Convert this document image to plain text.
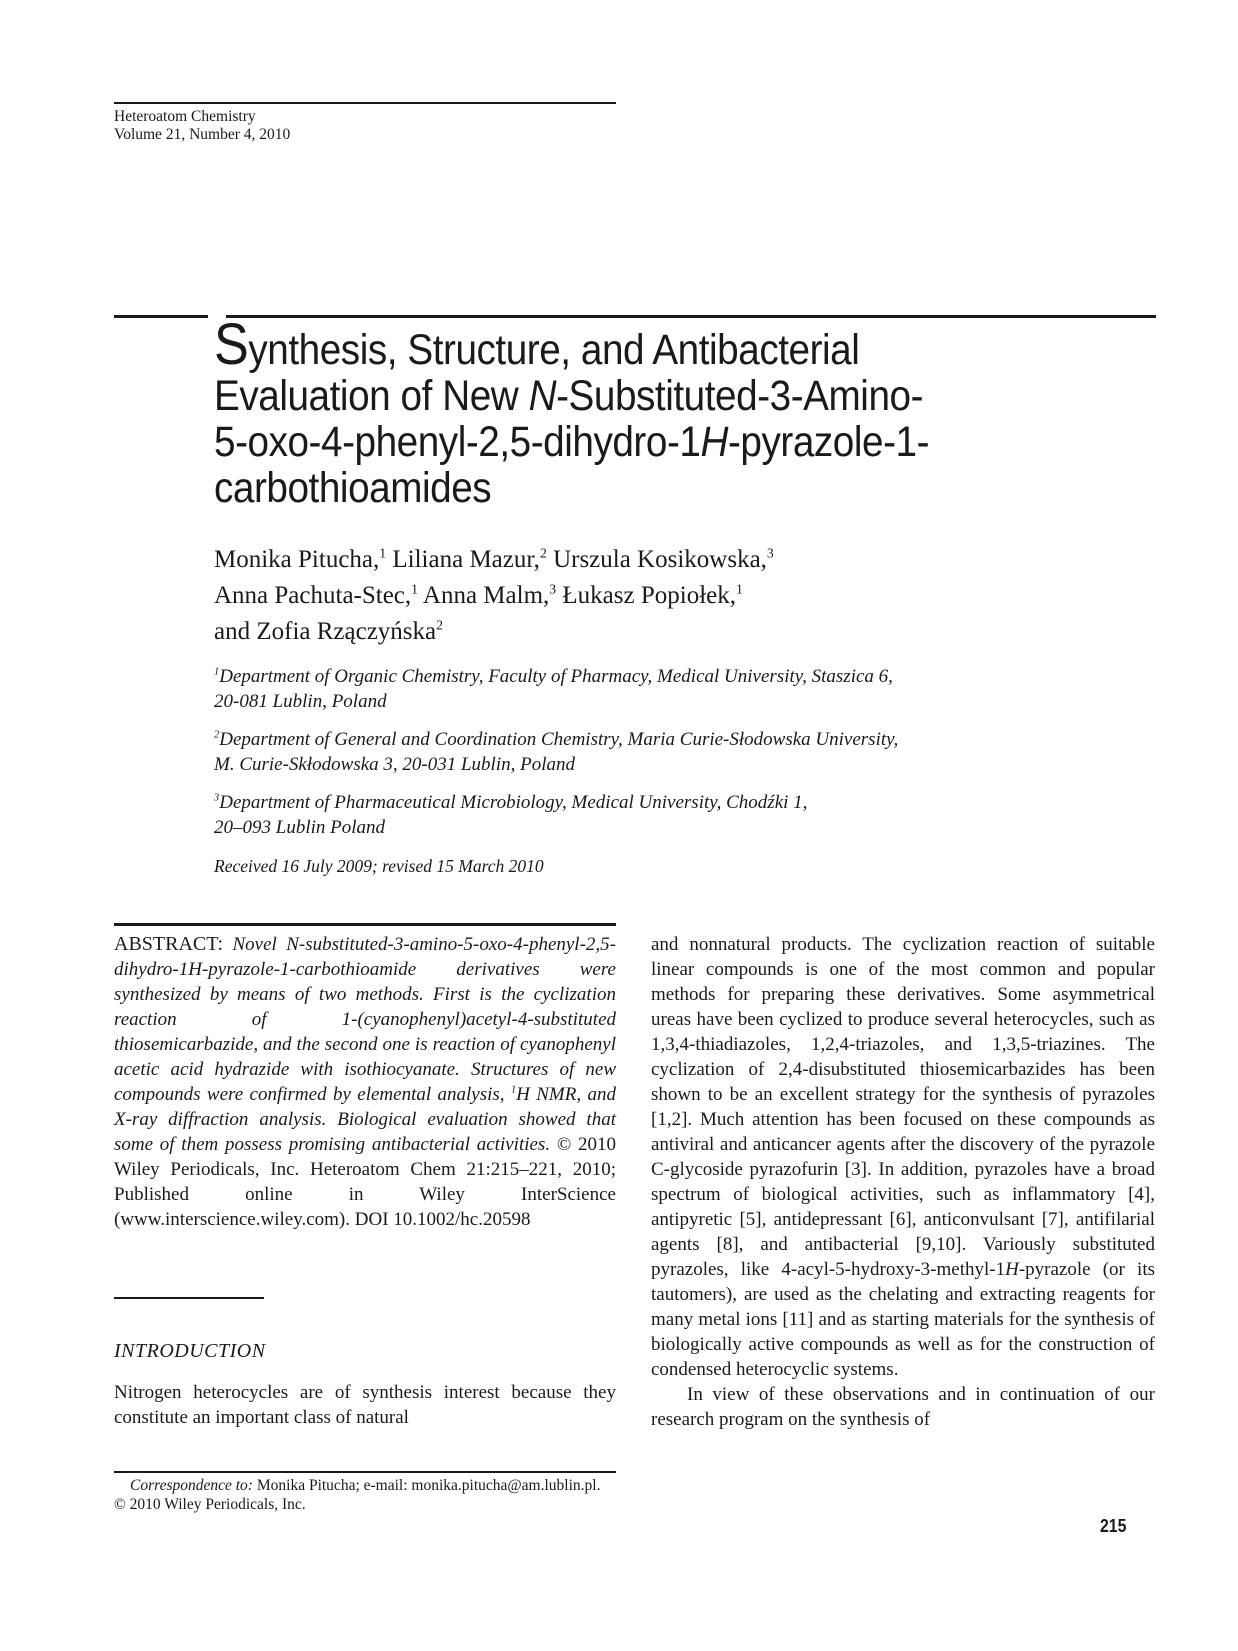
Heteroatom Chemistry
Volume 21, Number 4, 2010
Synthesis, Structure, and Antibacterial
Evaluation of New N-Substituted-3-Amino-
5-oxo-4-phenyl-2,5-dihydro-1H-pyrazole-1-
carbothioamides
Monika Pitucha,$^1$ Liliana Mazur,$^2$ Urszula Kosikowska,$^3$
Anna Pachuta-Stec,$^1$ Anna Malm,$^3$ Łukasz Popiołek,$^1$
and Zofia Rzączyńska$^2$
$^1$Department of Organic Chemistry, Faculty of Pharmacy, Medical University, Staszica 6,
20-081 Lublin, Poland
$^2$Department of General and Coordination Chemistry, Maria Curie-Słodowska University,
M. Curie-Skłodowska 3, 20-031 Lublin, Poland
$^3$Department of Pharmaceutical Microbiology, Medical University, Chodźki 1,
20–093 Lublin Poland
Received 16 July 2009; revised 15 March 2010
ABSTRACT: Novel N-substituted-3-amino-5-oxo-4-phenyl-2,5-dihydro-1H-pyrazole-1-carbothioamide derivatives were synthesized by means of two methods. First is the cyclization reaction of 1-(cyanophenyl)acetyl-4-substituted thiosemicarbazide, and the second one is reaction of cyanophenyl acetic acid hydrazide with isothiocyanate. Structures of new compounds were confirmed by elemental analysis, $^1$H NMR, and X-ray diffraction analysis. Biological evaluation showed that some of them possess promising antibacterial activities. © 2010 Wiley Periodicals, Inc. Heteroatom Chem 21:215–221, 2010; Published online in Wiley InterScience (www.interscience.wiley.com). DOI 10.1002/hc.20598
INTRODUCTION
Nitrogen heterocycles are of synthesis interest because they constitute an important class of natural
Correspondence to: Monika Pitucha; e-mail: monika.pitucha@am.lublin.pl.
© 2010 Wiley Periodicals, Inc.

and nonnatural products. The cyclization reaction of suitable linear compounds is one of the most common and popular methods for preparing these derivatives. Some asymmetrical ureas have been cyclized to produce several heterocycles, such as 1,3,4-thiadiazoles, 1,2,4-triazoles, and 1,3,5-triazines. The cyclization of 2,4-disubstituted thiosemicarbazides has been shown to be an excellent strategy for the synthesis of pyrazoles [1,2]. Much attention has been focused on these compounds as antiviral and anticancer agents after the discovery of the pyrazole C-glycoside pyrazofurin [3]. In addition, pyrazoles have a broad spectrum of biological activities, such as inflammatory [4], antipyretic [5], antidepressant [6], anticonvulsant [7], antifilarial agents [8], and antibacterial [9,10]. Variously substituted pyrazoles, like 4-acyl-5-hydroxy-3-methyl-1H-pyrazole (or its tautomers), are used as the chelating and extracting reagents for many metal ions [11] and as starting materials for the synthesis of biologically active compounds as well as for the construction of condensed heterocyclic systems.

In view of these observations and in continuation of our research program on the synthesis of

215
